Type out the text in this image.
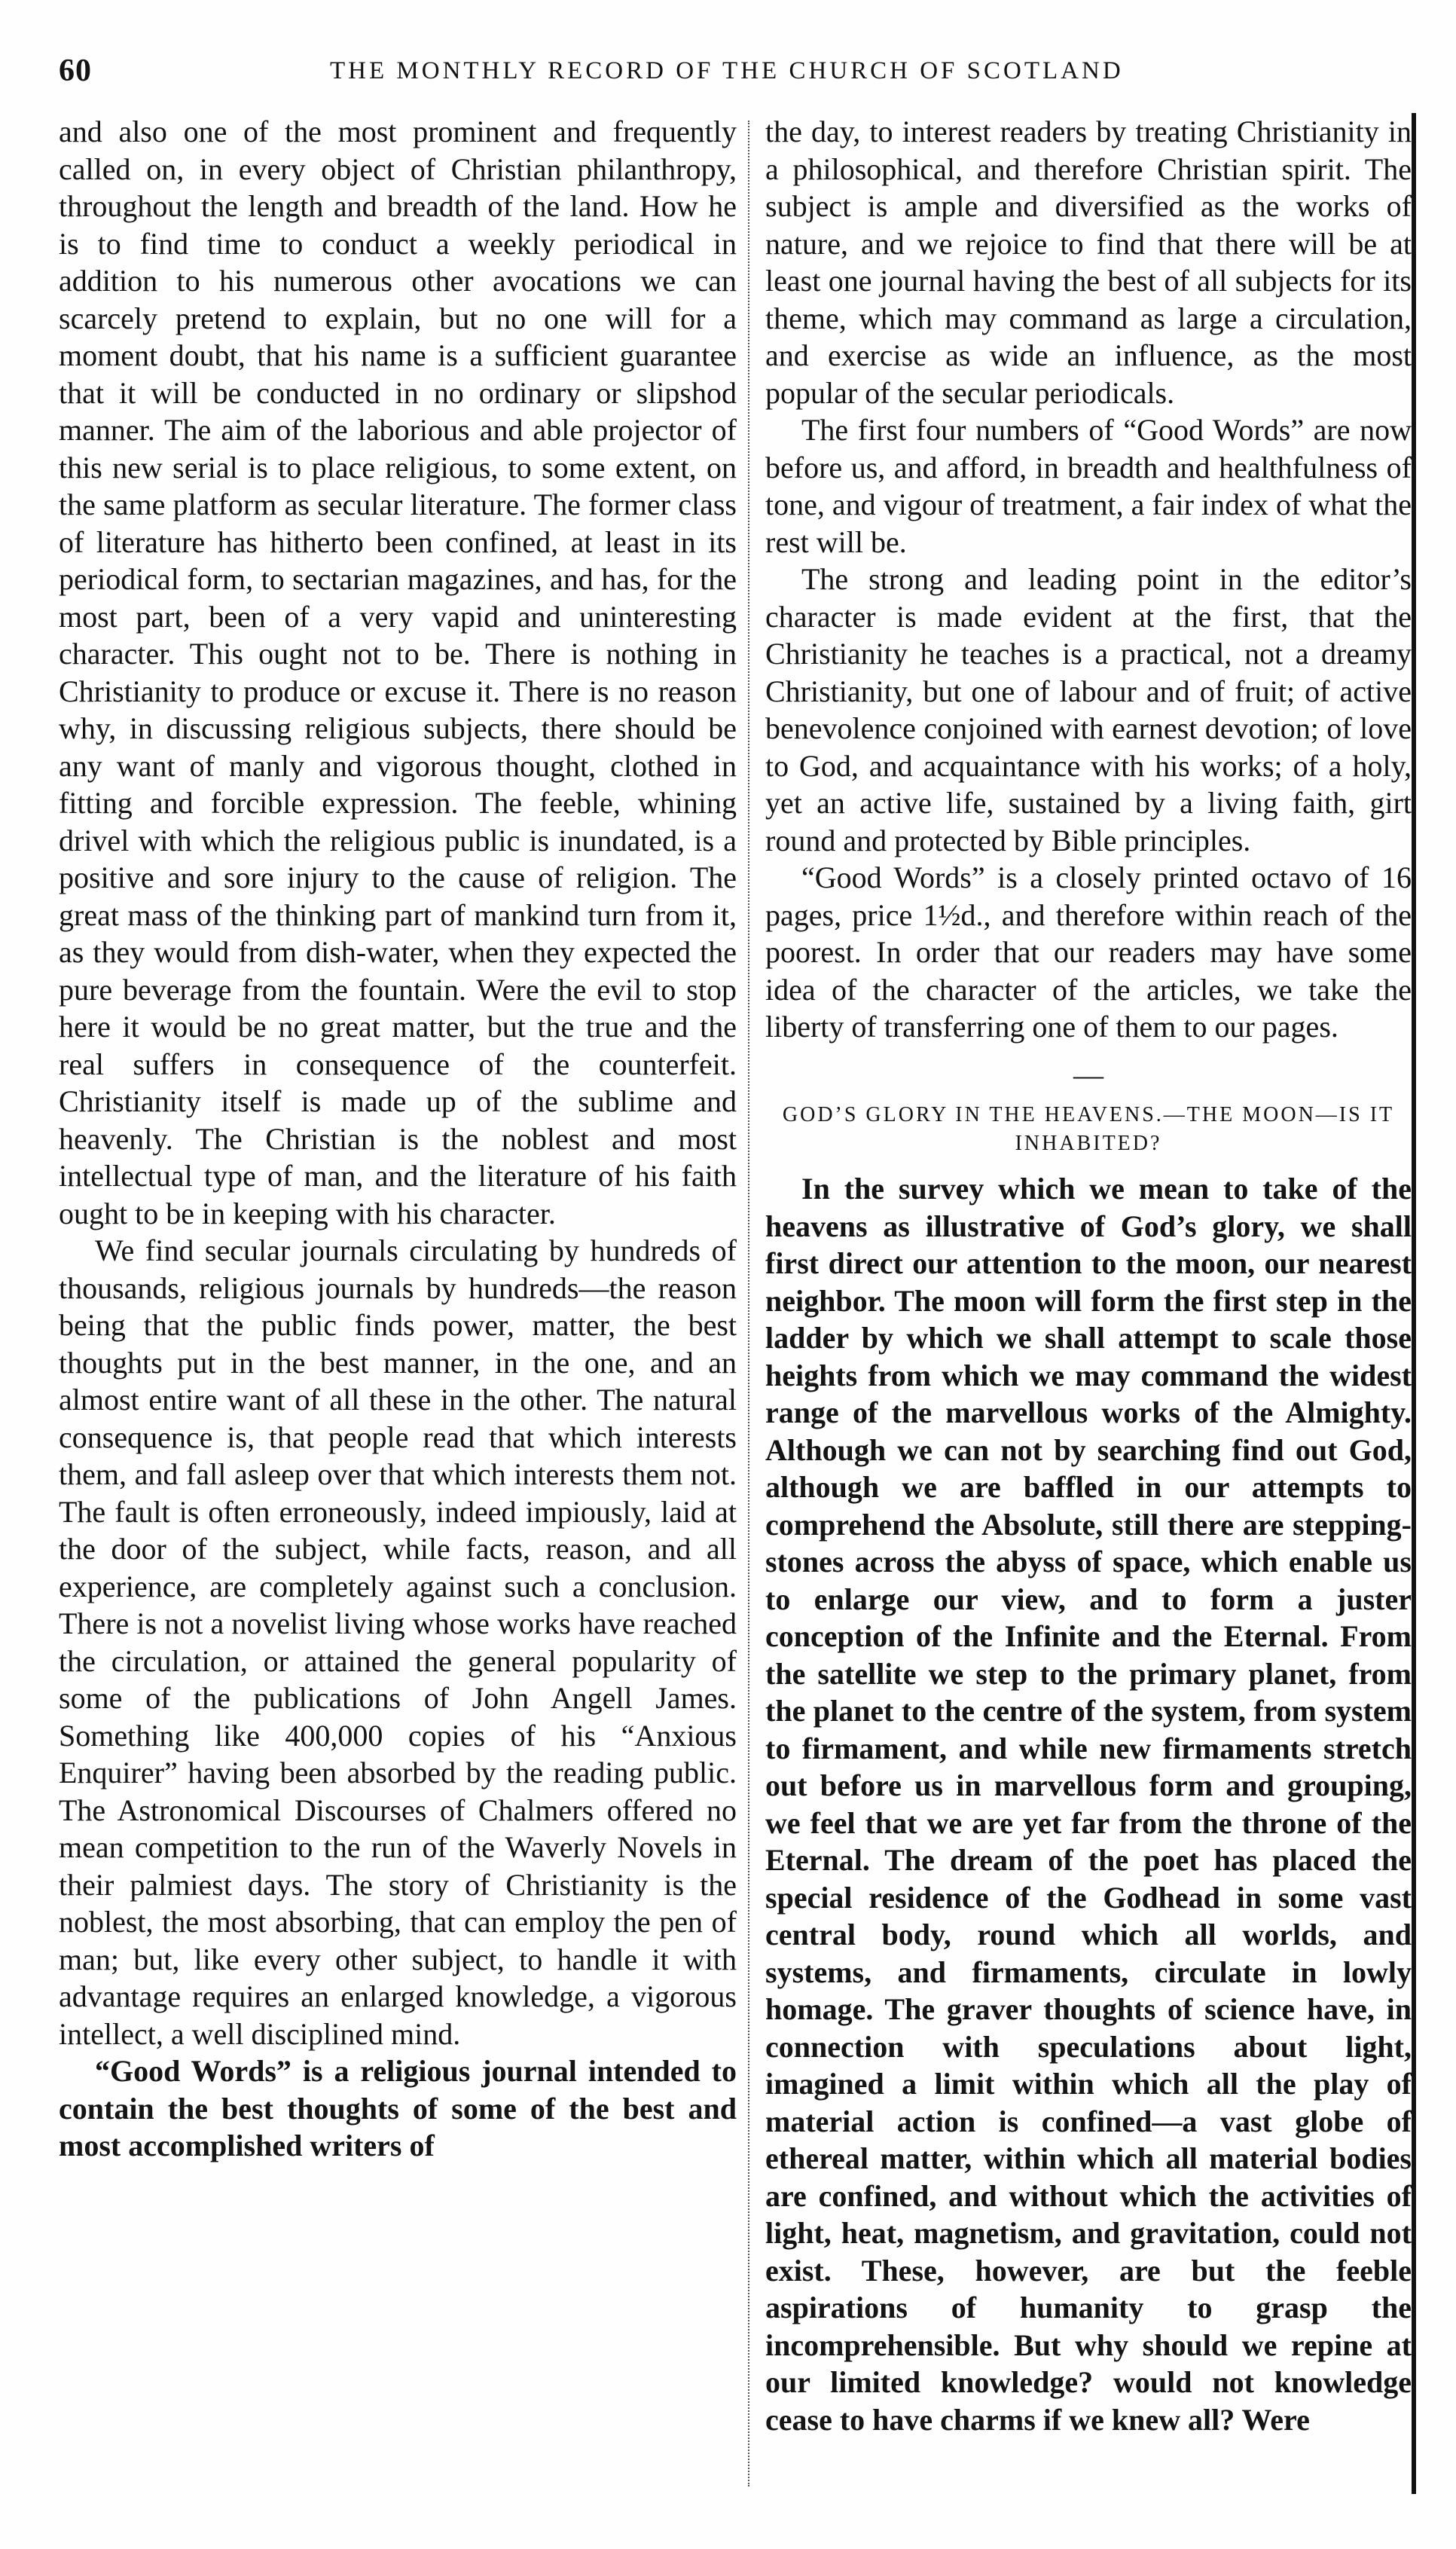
60	THE MONTHLY RECORD OF THE CHURCH OF SCOTLAND

and also one of the most prominent and frequently called on, in every object of Christian philanthropy, throughout the length and breadth of the land. How he is to find time to conduct a weekly periodical in addition to his numerous other avocations we can scarcely pretend to explain, but no one will for a moment doubt, that his name is a sufficient guarantee that it will be conducted in no ordinary or slipshod manner. The aim of the laborious and able projector of this new serial is to place religious, to some extent, on the same platform as secular literature. The former class of literature has hitherto been confined, at least in its periodical form, to sectarian magazines, and has, for the most part, been of a very vapid and uninteresting character. This ought not to be. There is nothing in Christianity to produce or excuse it. There is no reason why, in discussing religious subjects, there should be any want of manly and vigorous thought, clothed in fitting and forcible expression. The feeble, whining drivel with which the religious public is inundated, is a positive and sore injury to the cause of religion. The great mass of the thinking part of mankind turn from it, as they would from dish-water, when they expected the pure beverage from the fountain. Were the evil to stop here it would be no great matter, but the true and the real suffers in consequence of the counterfeit. Christianity itself is made up of the sublime and heavenly. The Christian is the noblest and most intellectual type of man, and the literature of his faith ought to be in keeping with his character.

We find secular journals circulating by hundreds of thousands, religious journals by hundreds—the reason being that the public finds power, matter, the best thoughts put in the best manner, in the one, and an almost entire want of all these in the other. The natural consequence is, that people read that which interests them, and fall asleep over that which interests them not. The fault is often erroneously, indeed impiously, laid at the door of the subject, while facts, reason, and all experience, are completely against such a conclusion. There is not a novelist living whose works have reached the circulation, or attained the general popularity of some of the publications of John Angell James. Something like 400,000 copies of his “Anxious Enquirer” having been absorbed by the reading public. The Astronomical Discourses of Chalmers offered no mean competition to the run of the Waverly Novels in their palmiest days. The story of Christianity is the noblest, the most absorbing, that can employ the pen of man; but, like every other subject, to handle it with advantage requires an enlarged knowledge, a vigorous intellect, a well disciplined mind.

“Good Words” is a religious journal intended to contain the best thoughts of some of the best and most accomplished writers of

the day, to interest readers by treating Christianity in a philosophical, and therefore Christian spirit. The subject is ample and diversified as the works of nature, and we rejoice to find that there will be at least one journal having the best of all subjects for its theme, which may command as large a circulation, and exercise as wide an influence, as the most popular of the secular periodicals.

The first four numbers of “Good Words” are now before us, and afford, in breadth and healthfulness of tone, and vigour of treatment, a fair index of what the rest will be.

The strong and leading point in the editor’s character is made evident at the first, that the Christianity he teaches is a practical, not a dreamy Christianity, but one of labour and of fruit; of active benevolence conjoined with earnest devotion; of love to God, and acquaintance with his works; of a holy, yet an active life, sustained by a living faith, girt round and protected by Bible principles.

“Good Words” is a closely printed octavo of 16 pages, price 1½d., and therefore within reach of the poorest. In order that our readers may have some idea of the character of the articles, we take the liberty of transferring one of them to our pages.

—
GOD’S GLORY IN THE HEAVENS.—THE MOON—IS IT INHABITED?

In the survey which we mean to take of the heavens as illustrative of God’s glory, we shall first direct our attention to the moon, our nearest neighbor. The moon will form the first step in the ladder by which we shall attempt to scale those heights from which we may command the widest range of the marvellous works of the Almighty. Although we can not by searching find out God, although we are baffled in our attempts to comprehend the Absolute, still there are stepping-stones across the abyss of space, which enable us to enlarge our view, and to form a juster conception of the Infinite and the Eternal. From the satellite we step to the primary planet, from the planet to the centre of the system, from system to firmament, and while new firmaments stretch out before us in marvellous form and grouping, we feel that we are yet far from the throne of the Eternal. The dream of the poet has placed the special residence of the Godhead in some vast central body, round which all worlds, and systems, and firmaments, circulate in lowly homage. The graver thoughts of science have, in connection with speculations about light, imagined a limit within which all the play of material action is confined—a vast globe of ethereal matter, within which all material bodies are confined, and without which the activities of light, heat, magnetism, and gravitation, could not exist. These, however, are but the feeble aspirations of humanity to grasp the incomprehensible. But why should we repine at our limited knowledge? would not knowledge cease to have charms if we knew all? Were
